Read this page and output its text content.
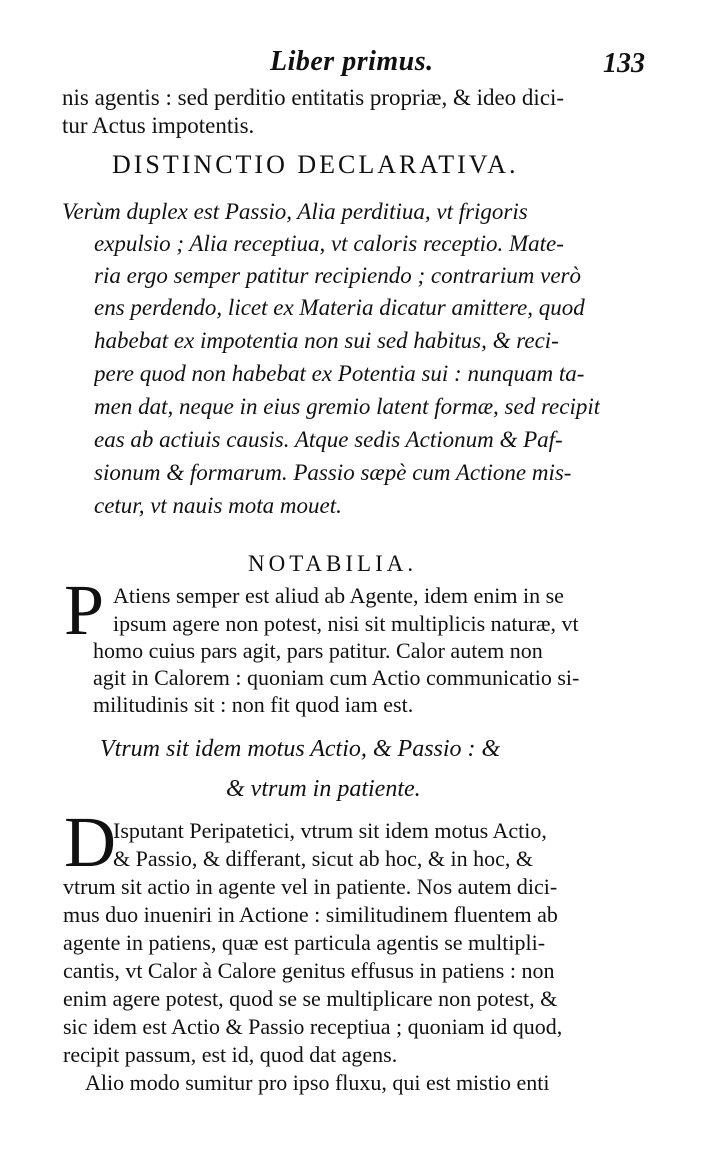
Liber primus.	133
nis agentis : sed perditio entitatis propriæ, & ideo dici-
tur Actus impotentis.
DISTINCTIO DECLARATIVA.
Verùm duplex est Passio, Alia perditiua, vt frigoris
expulsio ; Alia receptiua, vt caloris receptio. Mate-
ria ergo semper patitur recipiendo ; contrarium verò
ens perdendo, licet ex Materia dicatur amittere, quod
habebat ex impotentia non sui sed habitus, & reci-
pere quod non habebat ex Potentia sui : nunquam ta-
men dat, neque in eius gremio latent formæ, sed recipit
eas ab actiuis causis. Atque sedis Actionum & Paf-
sionum & formarum. Passio sæpè cum Actione mis-
cetur, vt nauis mota mouet.
NOTABILIA.
P Atiens semper est aliud ab Agente, idem enim in se
ipsum agere non potest, nisi sit multiplicis naturæ, vt
homo cuius pars agit, pars patitur. Calor autem non
agit in Calorem : quoniam cum Actio communicatio si-
militudinis sit : non fit quod iam est.
Vtrum sit idem motus Actio, & Passio : &
& vtrum in patiente.
D
Isputant Peripatetici, vtrum sit idem motus Actio,
& Passio, & differant, sicut ab hoc, & in hoc, &
vtrum sit actio in agente vel in patiente. Nos autem dici-
mus duo inueniri in Actione : similitudinem fluentem ab
agente in patiens, quæ est particula agentis se multipli-
cantis, vt Calor à Calore genitus effusus in patiens : non
enim agere potest, quod se se multiplicare non potest, &
sic idem est Actio & Passio receptiua ; quoniam id quod,
recipit passum, est id, quod dat agens.
Alio modo sumitur pro ipso fluxu, qui est mistio enti
